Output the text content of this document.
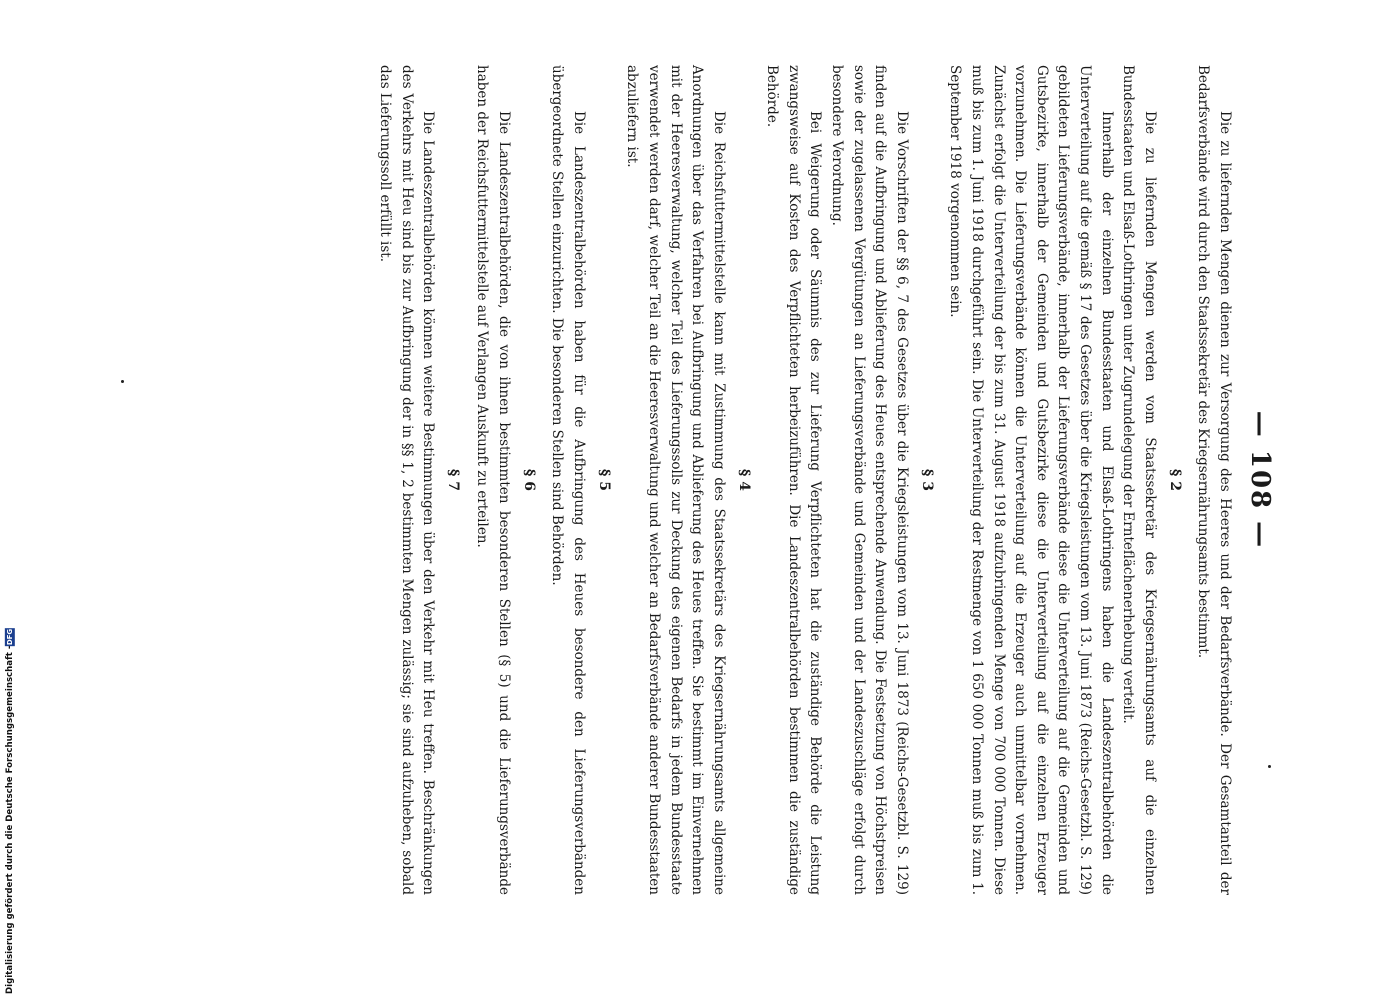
Digitalisierung gefördert durch die Deutsche Forschungsgemeinschaft -
DFG
— 108 —

Die zu liefernden Mengen dienen zur Versorgung des Heeres und der Bedarfsverbände. Der Gesamtanteil der Bedarfsverbände wird durch den Staatssekretär des Kriegsernährungsamts bestimmt.

§ 2

Die zu liefernden Mengen werden vom Staatssekretär des Kriegsernährungsamts auf die einzelnen Bundesstaaten und Elsaß-Lothringen unter Zugrundelegung der Ernteflächenerhebung verteilt.

Innerhalb der einzelnen Bundesstaaten und Elsaß-Lothringens haben die Landeszentralbehörden die Unterverteilung auf die gemäß § 17 des Gesetzes über die Kriegsleistungen vom 13. Juni 1873 (Reichs-Gesetzbl. S. 129) gebildeten Lieferungsverbände, innerhalb der Lieferungsverbände diese die Unterverteilung auf die Gemeinden und Gutsbezirke, innerhalb der Gemeinden und Gutsbezirke diese die Unterverteilung auf die einzelnen Erzeuger vorzunehmen. Die Lieferungsverbände können die Unterverteilung auf die Erzeuger auch unmittelbar vornehmen. Zunächst erfolgt die Unterverteilung der bis zum 31. August 1918 aufzubringenden Menge von 700 000 Tonnen. Diese muß bis zum 1. Juni 1918 durchgeführt sein. Die Unterverteilung der Restmenge von 1 650 000 Tonnen muß bis zum 1. September 1918 vorgenommen sein.

§ 3

Die Vorschriften der §§ 6, 7 des Gesetzes über die Kriegsleistungen vom 13. Juni 1873 (Reichs-Gesetzbl. S. 129) finden auf die Aufbringung und Ablieferung des Heues entsprechende Anwendung. Die Festsetzung von Höchstpreisen sowie der zugelassenen Vergütungen an Lieferungsverbände und Gemeinden und der Landeszuschläge erfolgt durch besondere Verordnung.

Bei Weigerung oder Säumnis des zur Lieferung Verpflichteten hat die zuständige Behörde die Leistung zwangsweise auf Kosten des Verpflichteten herbeizuführen. Die Landeszentralbehörden bestimmen die zuständige Behörde.

§ 4

Die Reichsfuttermittelstelle kann mit Zustimmung des Staatssekretärs des Kriegsernährungsamts allgemeine Anordnungen über das Verfahren bei Aufbringung und Ablieferung des Heues treffen. Sie bestimmt im Einvernehmen mit der Heeresverwaltung, welcher Teil des Lieferungssolls zur Deckung des eigenen Bedarfs in jedem Bundesstaate verwendet werden darf, welcher Teil an die Heeresverwaltung und welcher an Bedarfsverbände anderer Bundesstaaten abzuliefern ist.

§ 5

Die Landeszentralbehörden haben für die Aufbringung des Heues besondere den Lieferungsverbänden übergeordnete Stellen einzurichten. Die besonderen Stellen sind Behörden.

§ 6

Die Landeszentralbehörden, die von ihnen bestimmten besonderen Stellen (§ 5) und die Lieferungsverbände haben der Reichsfuttermittelstelle auf Verlangen Auskunft zu erteilen.

§ 7

Die Landeszentralbehörden können weitere Bestimmungen über den Verkehr mit Heu treffen. Beschränkungen des Verkehrs mit Heu sind bis zur Aufbringung der in §§ 1, 2 bestimmten Mengen zulässig; sie sind aufzuheben, sobald das Lieferungssoll erfüllt ist.
